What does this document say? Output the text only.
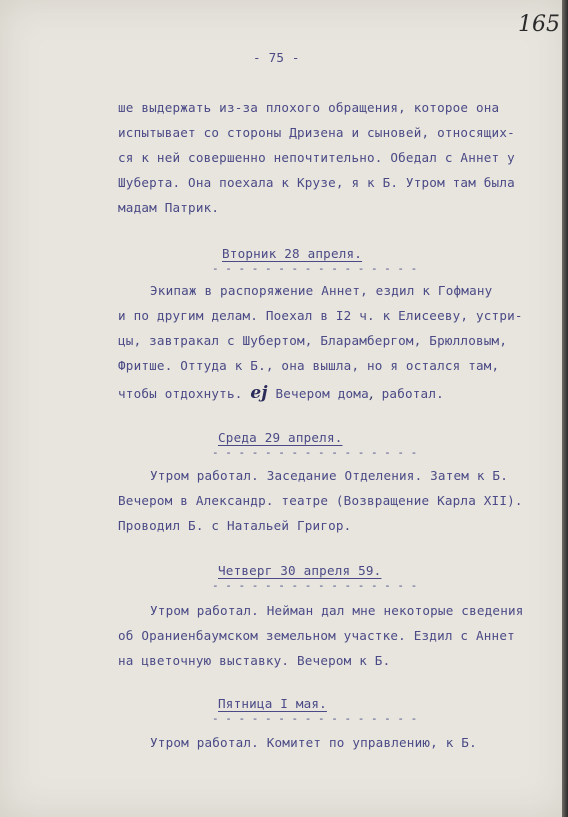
165
- 75 -
ше выдержать из-за плохого обращения, которое она
испытывает со стороны Дризена и сыновей, относящих-
ся к ней совершенно непочтительно. Обедал с Аннет у
Шуберта. Она поехала к Крузе, я к Б. Утром там была
мадам Патрик.
Вторник 28 апреля.
- - - - - - - - - - - - - - - -
Экипаж в распоряжение Аннет, ездил к Гофману
и по другим делам. Поехал в I2 ч. к Елисееву, устри-
цы, завтракал с Шубертом, Бларамбергом, Брюлловым,
Фритше. Оттуда к Б., она вышла, но я остался там,
чтобы отдохнуть. ej Вечером дома, работал.
Среда 29 апреля.
- - - - - - - - - - - - - - - -
Утром работал. Заседание Отделения. Затем к Б.
Вечером в Александр. театре (Возвращение Карла XII).
Проводил Б. с Натальей Григор.
Четверг 30 апреля 59.
- - - - - - - - - - - - - - - -
Утром работал. Нейман дал мне некоторые сведения
об Ораниенбаумском земельном участке. Ездил с Аннет
на цветочную выставку. Вечером к Б.
Пятница I мая.
- - - - - - - - - - - - - - - -
Утром работал. Комитет по управлению, к Б.
